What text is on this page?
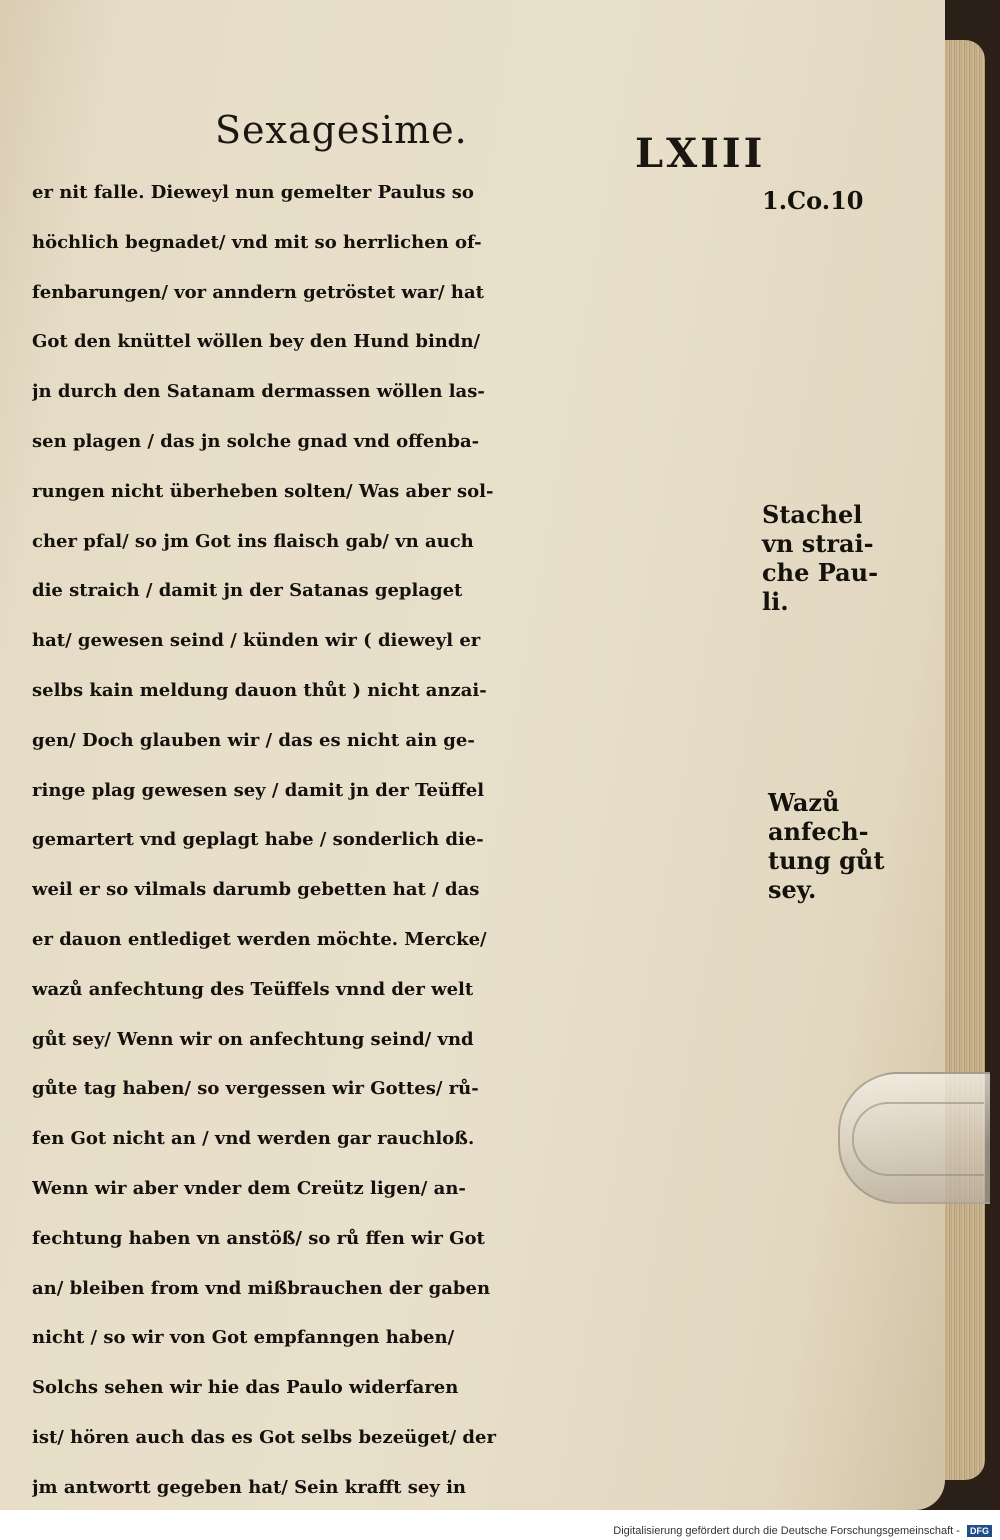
Sexagesime.	LXIII
er nit falle. Dieweyl nun gemelter Paulus so
höchlich begnadet/ vnd mit so herrlichen of-
fenbarungen/ vor anndern getröstet war/ hat
Got den knüttel wöllen bey den Hund bindn/
jn durch den Satanam dermassen wöllen las-
sen plagen / das jn solche gnad vnd offenba-
rungen nicht überheben solten/ Was aber sol-
cher pfal/ so jm Got ins flaisch gab/ vn auch
die straich / damit jn der Satanas geplaget
hat/ gewesen seind / künden wir ( dieweyl er
selbs kain meldung dauon thůt ) nicht anzai-
gen/ Doch glauben wir / das es nicht ain ge-
ringe plag gewesen sey / damit jn der Teüffel
gemartert vnd geplagt habe / sonderlich die-
weil er so vilmals darumb gebetten hat / das
er dauon entlediget werden möchte. Mercke/
wazů anfechtung des Teüffels vnnd der welt
gůt sey/ Wenn wir on anfechtung seind/ vnd
gůte tag haben/ so vergessen wir Gottes/ rů-
fen Got nicht an / vnd werden gar rauchloß.
Wenn wir aber vnder dem Creütz ligen/ an-
fechtung haben vn anstöß/ so rů ffen wir Got
an/ bleiben from vnd mißbrauchen der gaben
nicht / so wir von Got empfanngen haben/
Solchs sehen wir hie das Paulo widerfaren
ist/ hören auch das es Got selbs bezeüget/ der
jm antwortt gegeben hat/ Sein krafft sey in
1.Co.10
Stachel
vn strai-
che Pau-
li.
Wazů
anfech-
tung gůt
sey.
Digitalisierung gefördert durch die Deutsche Forschungsgemeinschaft - DFG
